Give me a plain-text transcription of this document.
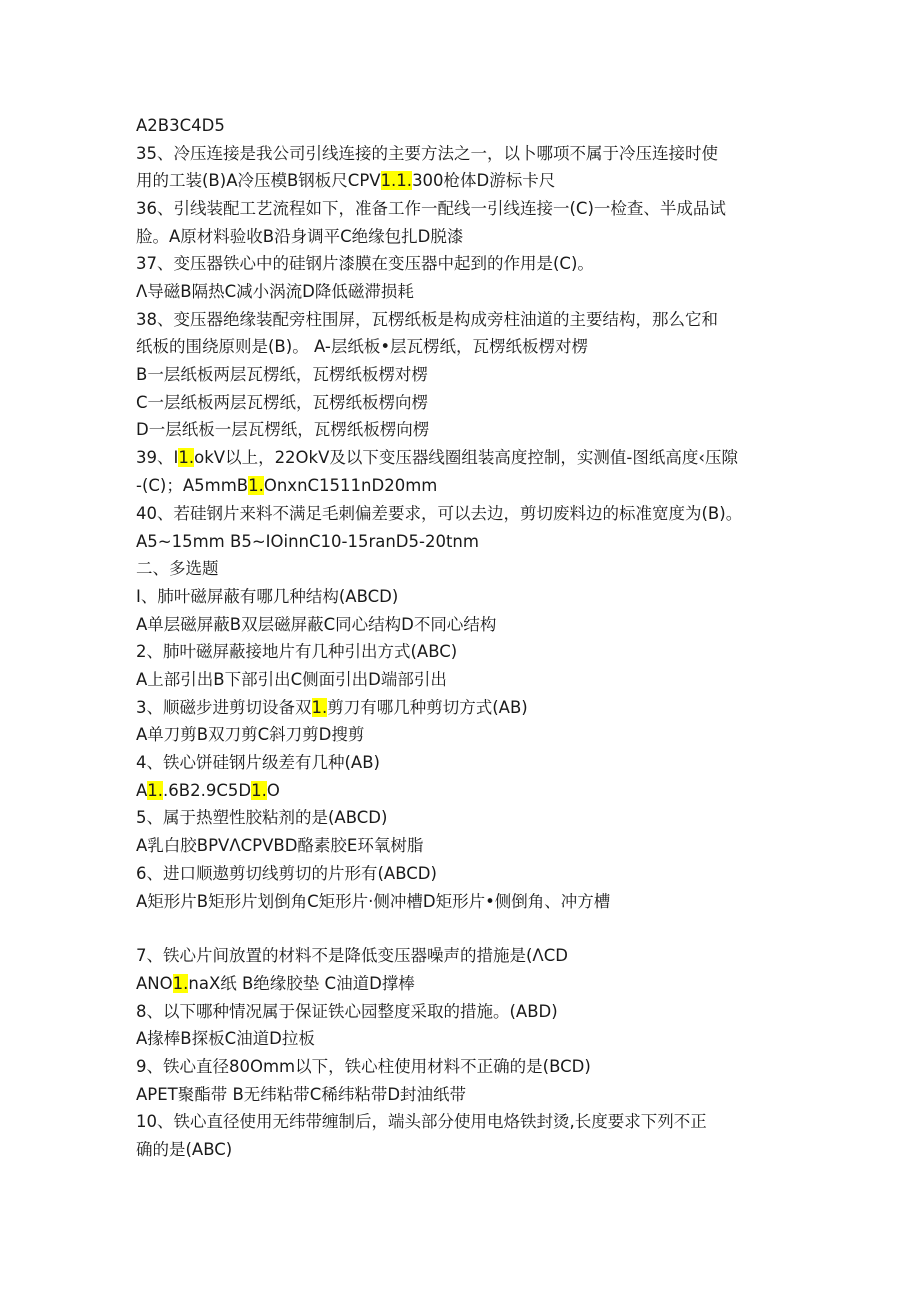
A2B3C4D5
35、冷压连接是我公司引线连接的主要方法之一，以卜哪项不属于冷压连接时使
用的工装(B)A冷压模B钢板尺CPV1.1.300枪体D游标卡尺
36、引线装配工艺流程如下，准备工作一配线一引线连接一(C)一检查、半成品试
脸。A原材料验收B沿身调平C绝缘包扎D脱漆
37、变压器铁心中的硅钢片漆膜在变压器中起到的作用是(C)。
Λ导磁B隔热C减小涡流D降低磁滞损耗
38、变压器绝缘装配旁柱围屏，瓦楞纸板是构成旁柱油道的主要结构，那么它和
纸板的围绕原则是(B)。 A-层纸板•层瓦楞纸，瓦楞纸板楞对楞
B一层纸板两层瓦楞纸，瓦楞纸板楞对楞
C一层纸板两层瓦楞纸，瓦楞纸板楞向楞
D一层纸板一层瓦楞纸，瓦楞纸板楞向楞
39、I1.okV以上，22OkV及以下变压器线圈组装高度控制，实测值-图纸高度‹压隙
-(C)；A5mmB1.OnxnC1511nD20mm
40、若硅钢片来料不满足毛刺偏差要求，可以去边，剪切废料边的标准宽度为(B)。
A5~15mm B5~IOinnC10-15ranD5-20tnm
二、多选题
I、肺叶磁屏蔽有哪几种结构(ABCD)
A单层磁屏蔽B双层磁屏蔽C同心结构D不同心结构
2、肺叶磁屏蔽接地片有几种引出方式(ABC)
A上部引出B下部引出C侧面引出D端部引出
3、顺磁步进剪切设备双1.剪刀有哪几种剪切方式(AB)
A单刀剪B双刀剪C斜刀剪D搜剪
4、铁心饼硅钢片级差有几种(AB)
A1..6B2.9C5D1.O
5、属于热塑性胶粘剂的是(ABCD)
A乳白胶BPVΛCPVBD酪素胶E环氧树脂
6、进口顺遨剪切线剪切的片形有(ABCD)
A矩形片B矩形片划倒角C矩形片·侧冲槽D矩形片•侧倒角、冲方槽
7、铁心片间放置的材料不是降低变压器噪声的措施是(ΛCD
ANO1.naX纸 B绝缘胶垫 C油道D撑棒
8、以下哪种情况属于保证铁心园整度采取的措施。(ABD)
A掾棒B探板C油道D拉板
9、铁心直径80Omm以下，铁心柱使用材料不正确的是(BCD)
APET聚酯带 B无纬粘带C稀纬粘带D封油纸带
10、铁心直径使用无纬带缠制后，端头部分使用电烙铁封烫,长度要求下列不正
确的是(ABC)
